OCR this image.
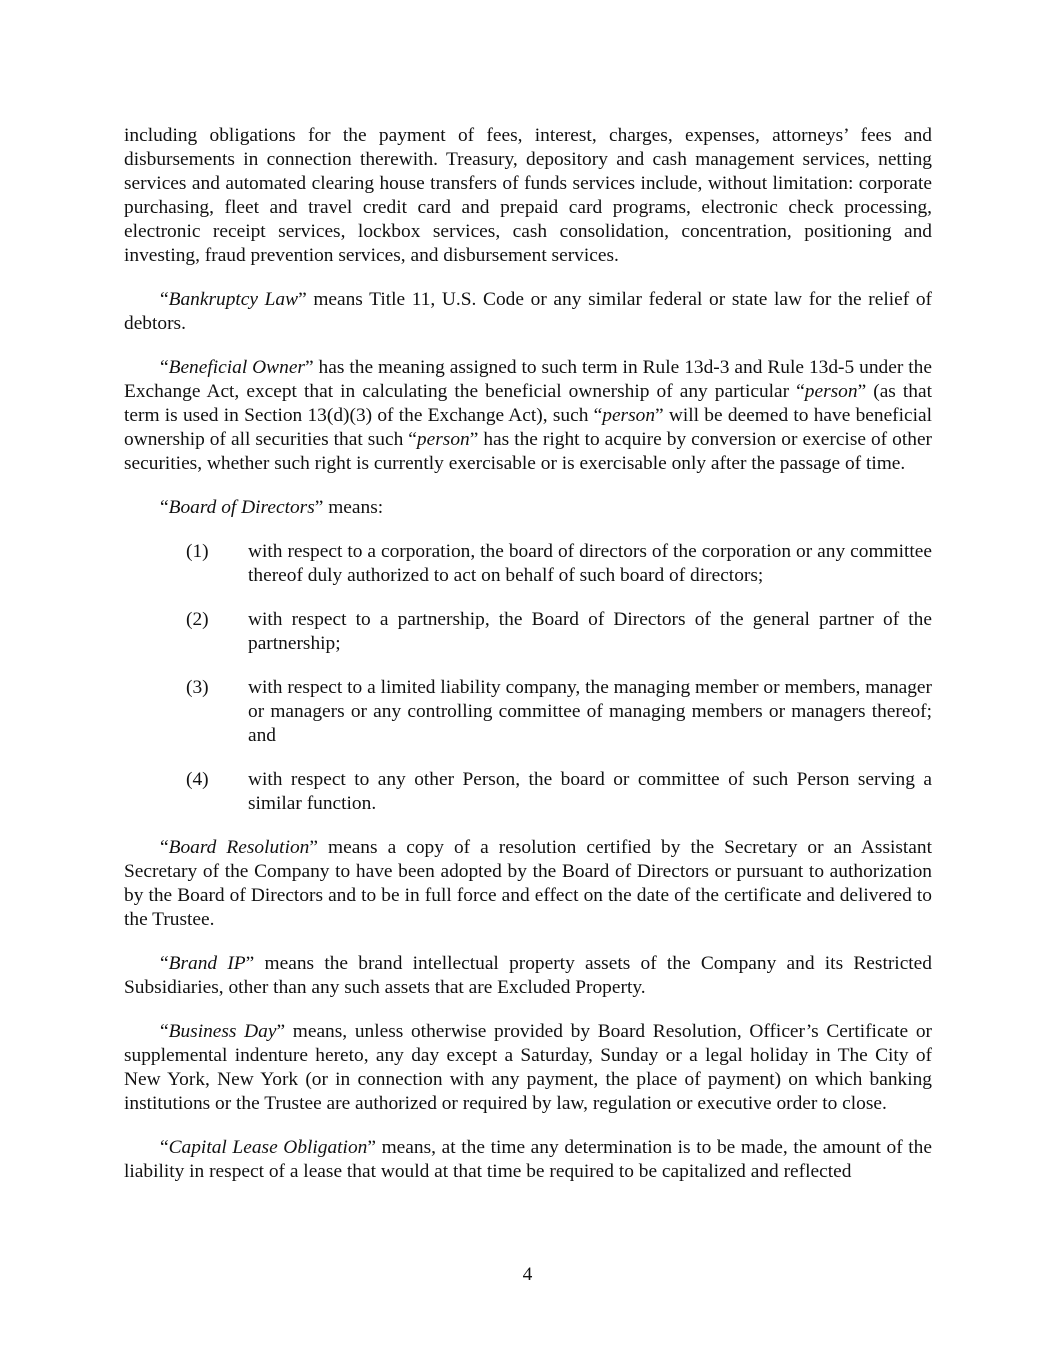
including obligations for the payment of fees, interest, charges, expenses, attorneys’ fees and disbursements in connection therewith. Treasury, depository and cash management services, netting services and automated clearing house transfers of funds services include, without limitation: corporate purchasing, fleet and travel credit card and prepaid card programs, electronic check processing, electronic receipt services, lockbox services, cash consolidation, concentration, positioning and investing, fraud prevention services, and disbursement services.

“Bankruptcy Law” means Title 11, U.S. Code or any similar federal or state law for the relief of debtors.

“Beneficial Owner” has the meaning assigned to such term in Rule 13d-3 and Rule 13d-5 under the Exchange Act, except that in calculating the beneficial ownership of any particular “person” (as that term is used in Section 13(d)(3) of the Exchange Act), such “person” will be deemed to have beneficial ownership of all securities that such “person” has the right to acquire by conversion or exercise of other securities, whether such right is currently exercisable or is exercisable only after the passage of time.

“Board of Directors” means:

(1)	with respect to a corporation, the board of directors of the corporation or any committee thereof duly authorized to act on behalf of such board of directors;
(2)	with respect to a partnership, the Board of Directors of the general partner of the partnership;
(3)	with respect to a limited liability company, the managing member or members, manager or managers or any controlling committee of managing members or managers thereof; and
(4)	with respect to any other Person, the board or committee of such Person serving a similar function.

“Board Resolution” means a copy of a resolution certified by the Secretary or an Assistant Secretary of the Company to have been adopted by the Board of Directors or pursuant to authorization by the Board of Directors and to be in full force and effect on the date of the certificate and delivered to the Trustee.

“Brand IP” means the brand intellectual property assets of the Company and its Restricted Subsidiaries, other than any such assets that are Excluded Property.

“Business Day” means, unless otherwise provided by Board Resolution, Officer’s Certificate or supplemental indenture hereto, any day except a Saturday, Sunday or a legal holiday in The City of New York, New York (or in connection with any payment, the place of payment) on which banking institutions or the Trustee are authorized or required by law, regulation or executive order to close.

“Capital Lease Obligation” means, at the time any determination is to be made, the amount of the liability in respect of a lease that would at that time be required to be capitalized and reflected

4
